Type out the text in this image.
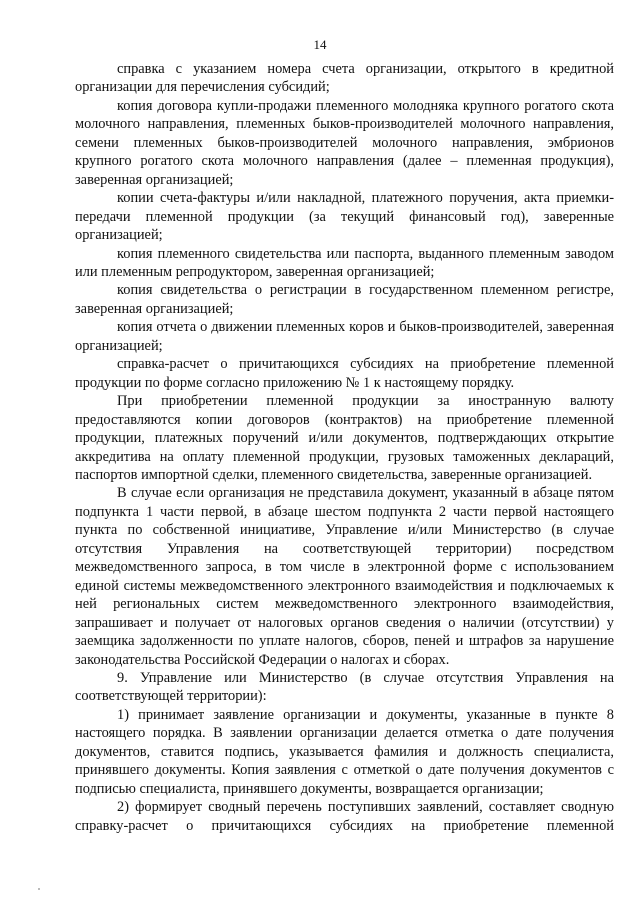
14

справка с указанием номера счета организации, открытого в кредитной организации для перечисления субсидий;

копия договора купли-продажи племенного молодняка крупного рогатого скота молочного направления, племенных быков-производителей молочного направления, семени племенных быков-производителей молочного направления, эмбрионов крупного рогатого скота молочного направления (далее – племенная продукция), заверенная организацией;

копии счета-фактуры и/или накладной, платежного поручения, акта приемки-передачи племенной продукции (за текущий финансовый год), заверенные организацией;

копия племенного свидетельства или паспорта, выданного племенным заводом или племенным репродуктором, заверенная организацией;

копия свидетельства о регистрации в государственном племенном регистре, заверенная организацией;

копия отчета о движении племенных коров и быков-производителей, заверенная организацией;

справка-расчет о причитающихся субсидиях на приобретение племенной продукции по форме согласно приложению № 1 к настоящему порядку.

При приобретении племенной продукции за иностранную валюту предоставляются копии договоров (контрактов) на приобретение племенной продукции, платежных поручений и/или документов, подтверждающих открытие аккредитива на оплату племенной продукции, грузовых таможенных деклараций, паспортов импортной сделки, племенного свидетельства, заверенные организацией.

В случае если организация не представила документ, указанный в абзаце пятом подпункта 1 части первой, в абзаце шестом подпункта 2 части первой настоящего пункта по собственной инициативе, Управление и/или Министерство (в случае отсутствия Управления на соответствующей территории) посредством межведомственного запроса, в том числе в электронной форме с использованием единой системы межведомственного электронного взаимодействия и подключаемых к ней региональных систем межведомственного электронного взаимодействия, запрашивает и получает от налоговых органов сведения о наличии (отсутствии) у заемщика задолженности по уплате налогов, сборов, пеней и штрафов за нарушение законодательства Российской Федерации о налогах и сборах.

9. Управление или Министерство (в случае отсутствия Управления на соответствующей территории):

1) принимает заявление организации и документы, указанные в пункте 8 настоящего порядка. В заявлении организации делается отметка о дате получения документов, ставится подпись, указывается фамилия и должность специалиста, принявшего документы. Копия заявления с отметкой о дате получения документов с подписью специалиста, принявшего документы, возвращается организации;

2) формирует сводный перечень поступивших заявлений, составляет сводную справку-расчет о причитающихся субсидиях на приобретение племенной
